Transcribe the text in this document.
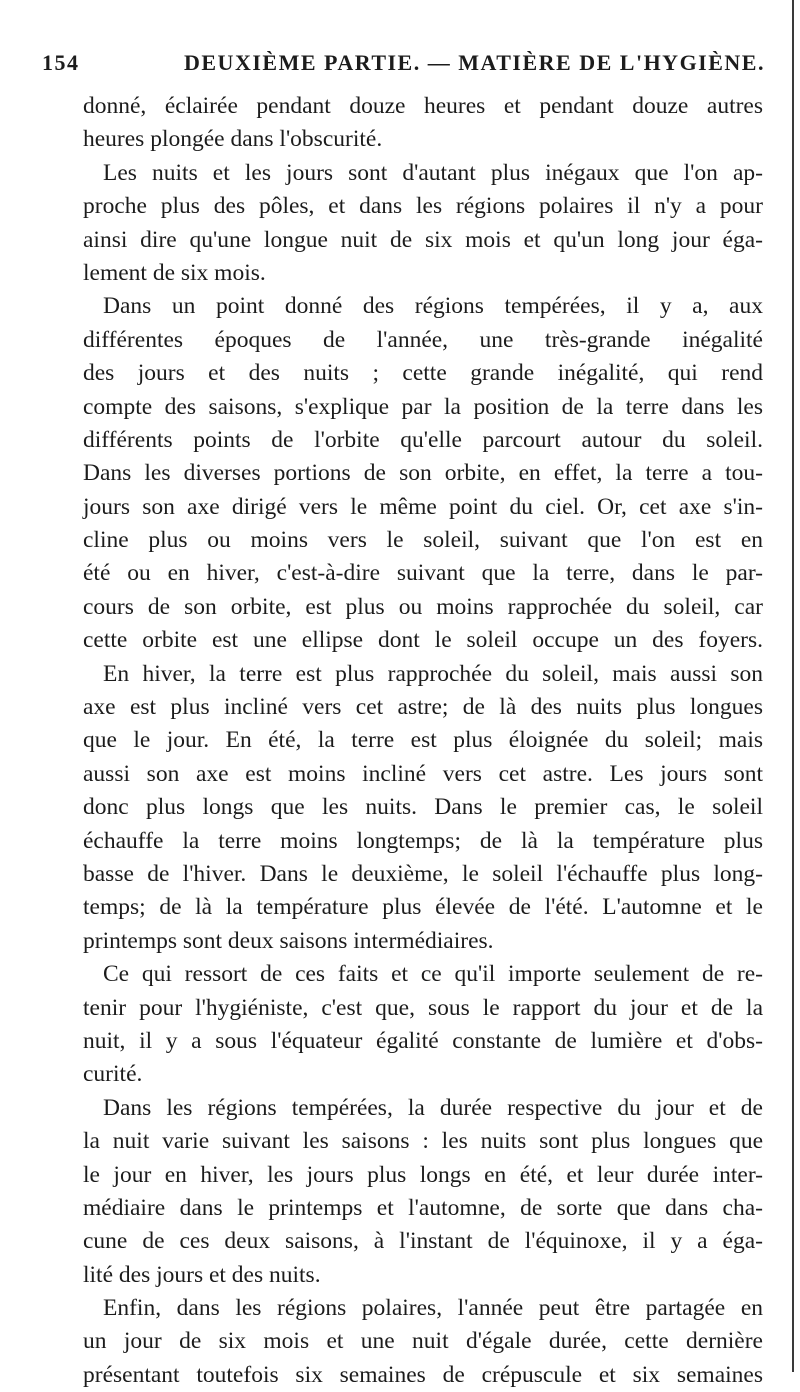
154	DEUXIÈME PARTIE. — MATIÈRE DE L'HYGIÈNE.
donné, éclairée pendant douze heures et pendant douze autres
heures plongée dans l'obscurité.
Les nuits et les jours sont d'autant plus inégaux que l'on ap-
proche plus des pôles, et dans les régions polaires il n'y a pour
ainsi dire qu'une longue nuit de six mois et qu'un long jour éga-
lement de six mois.
Dans un point donné des régions tempérées, il y a, aux
différentes époques de l'année, une très-grande inégalité
des jours et des nuits ; cette grande inégalité, qui rend
compte des saisons, s'explique par la position de la terre dans les
différents points de l'orbite qu'elle parcourt autour du soleil.
Dans les diverses portions de son orbite, en effet, la terre a tou-
jours son axe dirigé vers le même point du ciel. Or, cet axe s'in-
cline plus ou moins vers le soleil, suivant que l'on est en
été ou en hiver, c'est-à-dire suivant que la terre, dans le par-
cours de son orbite, est plus ou moins rapprochée du soleil, car
cette orbite est une ellipse dont le soleil occupe un des foyers.
En hiver, la terre est plus rapprochée du soleil, mais aussi son
axe est plus incliné vers cet astre; de là des nuits plus longues
que le jour. En été, la terre est plus éloignée du soleil; mais
aussi son axe est moins incliné vers cet astre. Les jours sont
donc plus longs que les nuits. Dans le premier cas, le soleil
échauffe la terre moins longtemps; de là la température plus
basse de l'hiver. Dans le deuxième, le soleil l'échauffe plus long-
temps; de là la température plus élevée de l'été. L'automne et le
printemps sont deux saisons intermédiaires.
Ce qui ressort de ces faits et ce qu'il importe seulement de re-
tenir pour l'hygiéniste, c'est que, sous le rapport du jour et de la
nuit, il y a sous l'équateur égalité constante de lumière et d'obs-
curité.
Dans les régions tempérées, la durée respective du jour et de
la nuit varie suivant les saisons : les nuits sont plus longues que
le jour en hiver, les jours plus longs en été, et leur durée inter-
médiaire dans le printemps et l'automne, de sorte que dans cha-
cune de ces deux saisons, à l'instant de l'équinoxe, il y a éga-
lité des jours et des nuits.
Enfin, dans les régions polaires, l'année peut être partagée en
un jour de six mois et une nuit d'égale durée, cette dernière
présentant toutefois six semaines de crépuscule et six semaines
